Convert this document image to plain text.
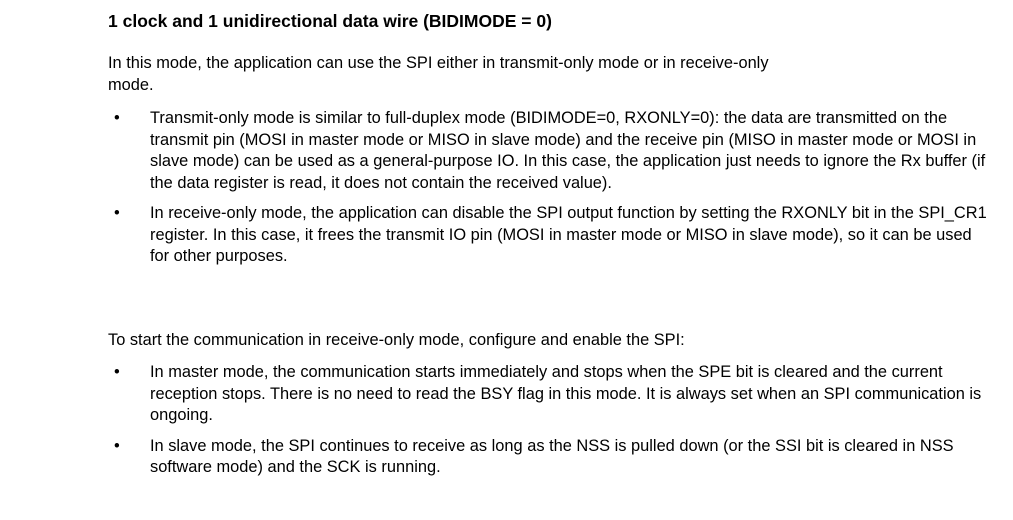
1 clock and 1 unidirectional data wire (BIDIMODE = 0)

In this mode, the application can use the SPI either in transmit-only mode or in receive-only mode.

• Transmit-only mode is similar to full-duplex mode (BIDIMODE=0, RXONLY=0): the data are transmitted on the transmit pin (MOSI in master mode or MISO in slave mode) and the receive pin (MISO in master mode or MOSI in slave mode) can be used as a general-purpose IO. In this case, the application just needs to ignore the Rx buffer (if the data register is read, it does not contain the received value).
• In receive-only mode, the application can disable the SPI output function by setting the RXONLY bit in the SPI_CR1 register. In this case, it frees the transmit IO pin (MOSI in master mode or MISO in slave mode), so it can be used for other purposes.

To start the communication in receive-only mode, configure and enable the SPI:

• In master mode, the communication starts immediately and stops when the SPE bit is cleared and the current reception stops. There is no need to read the BSY flag in this mode. It is always set when an SPI communication is ongoing.
• In slave mode, the SPI continues to receive as long as the NSS is pulled down (or the SSI bit is cleared in NSS software mode) and the SCK is running.
